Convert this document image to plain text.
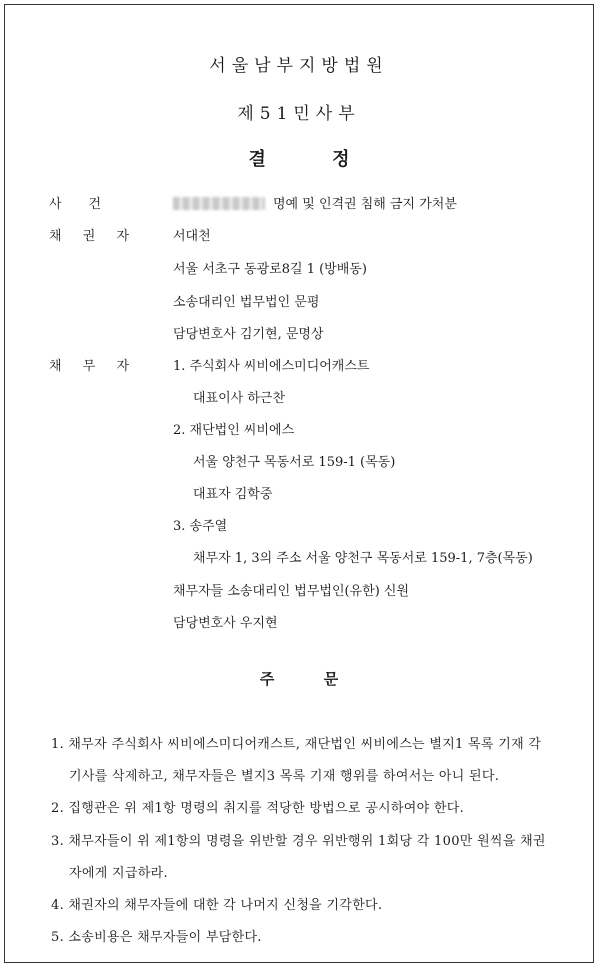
서울남부지방법원
제51민사부
결	정
사 건	명예 및 인격권 침해 금지 가처분
채 권 자	서대천
서울 서초구 동광로8길 1 (방배동)
소송대리인 법무법인 문평
담당변호사 김기현, 문명상
채 무 자	1. 주식회사 씨비에스미디어캐스트
대표이사 하근찬
2. 재단법인 씨비에스
서울 양천구 목동서로 159-1 (목동)
대표자 김학중
3. 송주열
채무자 1, 3의 주소 서울 양천구 목동서로 159-1, 7층(목동)
채무자들 소송대리인 법무법인(유한) 신원
담당변호사 우지현
주	문
1. 채무자 주식회사 씨비에스미디어캐스트, 재단법인 씨비에스는 별지1 목록 기재 각
기사를 삭제하고, 채무자들은 별지3 목록 기재 행위를 하여서는 아니 된다.
2. 집행관은 위 제1항 명령의 취지를 적당한 방법으로 공시하여야 한다.
3. 채무자들이 위 제1항의 명령을 위반할 경우 위반행위 1회당 각 100만 원씩을 채권
자에게 지급하라.
4. 채권자의 채무자들에 대한 각 나머지 신청을 기각한다.
5. 소송비용은 채무자들이 부담한다.
